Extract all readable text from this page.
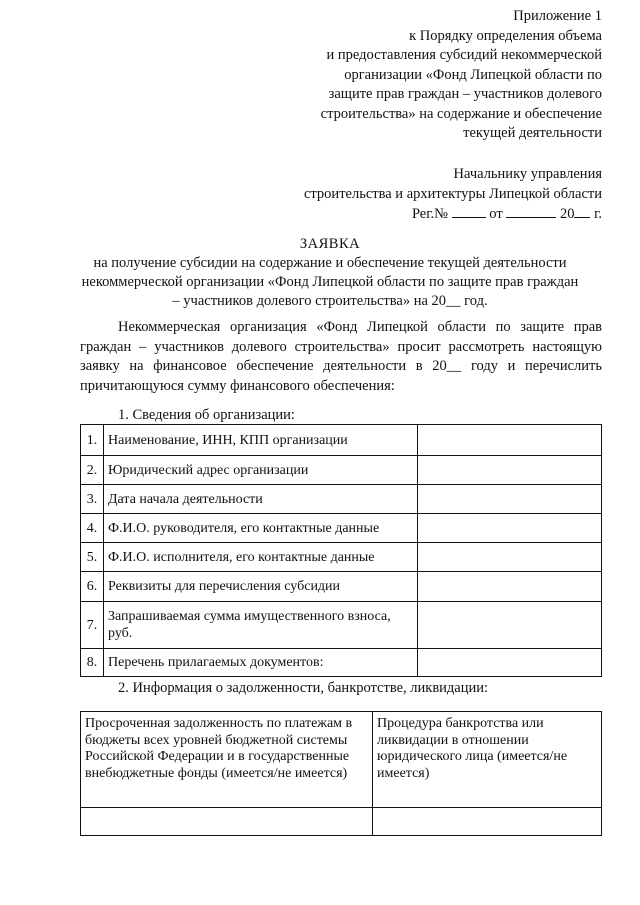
Приложение 1
к Порядку определения объема
и предоставления субсидий некоммерческой
организации «Фонд Липецкой области по
защите прав граждан – участников долевого
строительства» на содержание и обеспечение
текущей деятельности
Начальнику управления
строительства и архитектуры Липецкой области
Рег.№	от	20 г.
ЗАЯВКА
на получение субсидии на содержание и обеспечение текущей деятельности
некоммерческой организации «Фонд Липецкой области по защите прав граждан
– участников долевого строительства» на 20__ год.
Некоммерческая организация «Фонд Липецкой области по защите прав граждан – участников долевого строительства» просит рассмотреть настоящую заявку на финансовое обеспечение деятельности в 20__ году и перечислить причитающуюся сумму финансового обеспечения:
1. Сведения об организации:
1.	Наименование, ИНН, КПП организации	
2.	Юридический адрес организации	
3.	Дата начала деятельности	
4.	Ф.И.О. руководителя, его контактные данные	
5.	Ф.И.О. исполнителя, его контактные данные	
6.	Реквизиты для перечисления субсидии	
7.	Запрашиваемая сумма имущественного взноса, руб.	
8.	Перечень прилагаемых документов:	
2. Информация о задолженности, банкротстве, ликвидации:
Просроченная задолженность по платежам в бюджеты всех уровней бюджетной системы Российской Федерации и в государственные внебюджетные фонды (имеется/не имеется)	Процедура банкротства или ликвидации в отношении юридического лица (имеется/не имеется)
